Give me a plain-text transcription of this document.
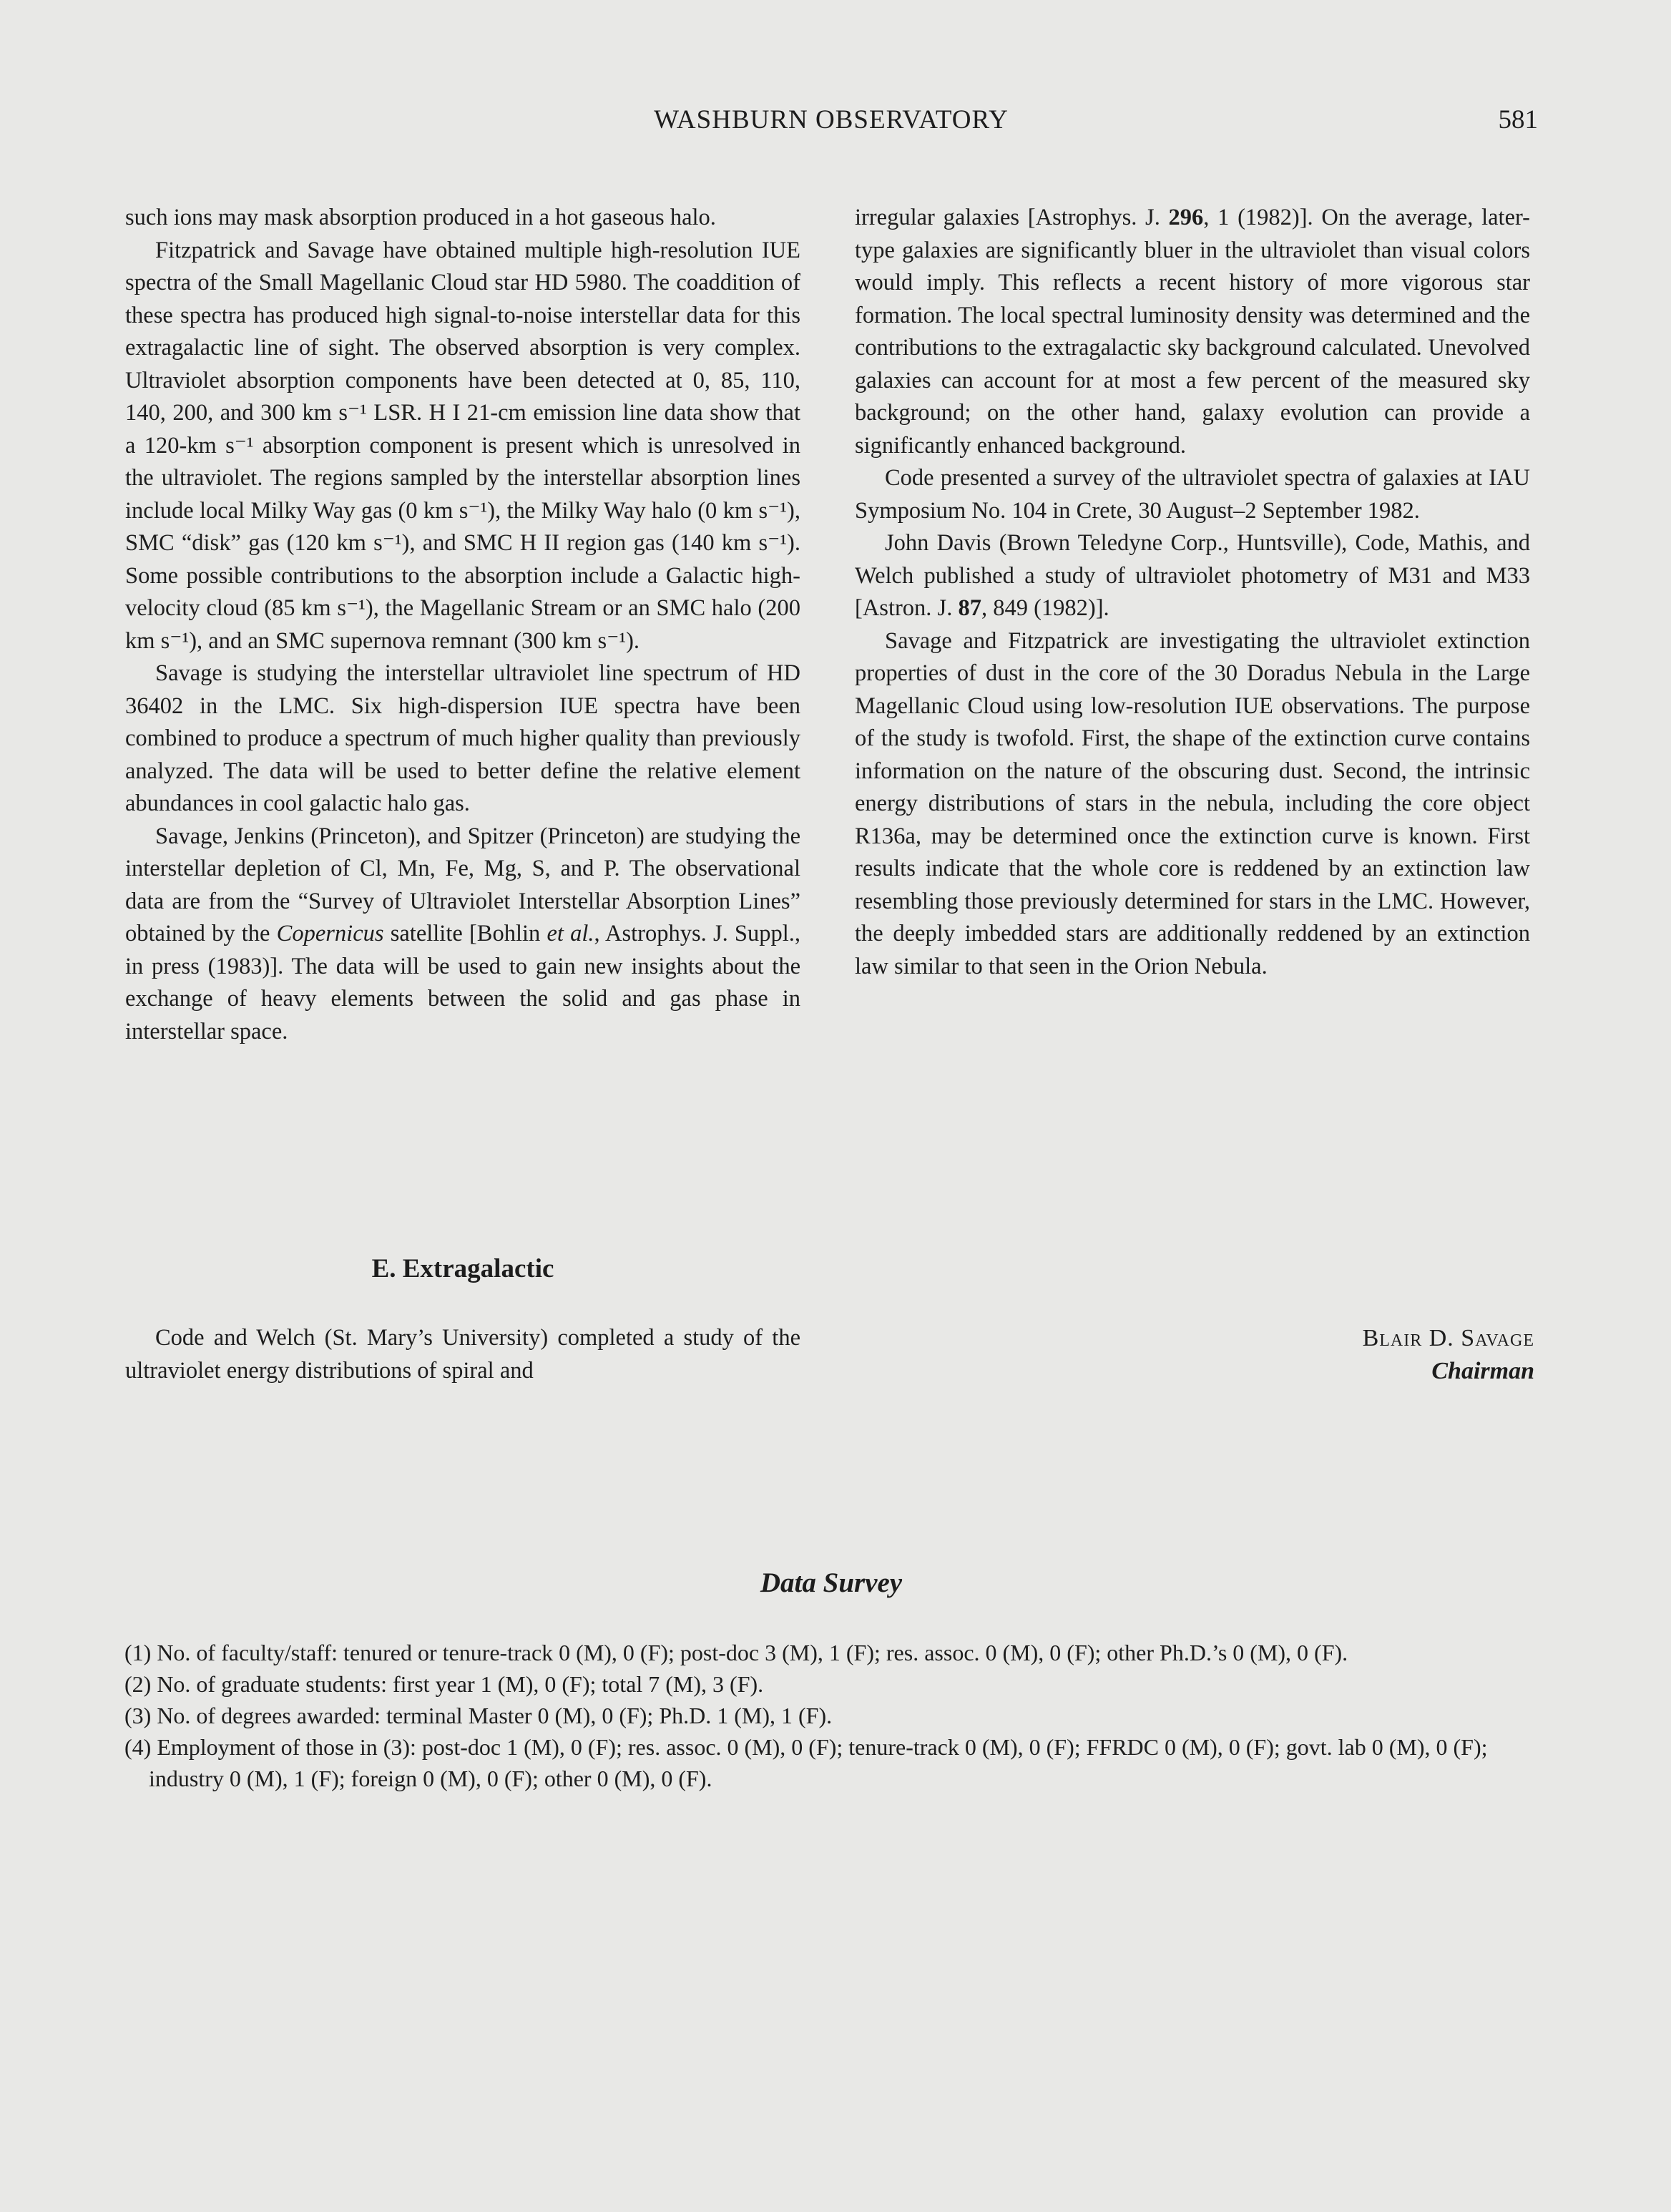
WASHBURN OBSERVATORY	581

such ions may mask absorption produced in a hot gaseous halo.

Fitzpatrick and Savage have obtained multiple high-resolution IUE spectra of the Small Magellanic Cloud star HD 5980. The coaddition of these spectra has produced high signal-to-noise interstellar data for this extragalactic line of sight. The observed absorption is very complex. Ultraviolet absorption components have been detected at 0, 85, 110, 140, 200, and 300 km s⁻¹ LSR. H I 21-cm emission line data show that a 120-km s⁻¹ absorption component is present which is unresolved in the ultraviolet. The regions sampled by the interstellar absorption lines include local Milky Way gas (0 km s⁻¹), the Milky Way halo (0 km s⁻¹), SMC “disk” gas (120 km s⁻¹), and SMC H II region gas (140 km s⁻¹). Some possible contributions to the absorption include a Galactic high-velocity cloud (85 km s⁻¹), the Magellanic Stream or an SMC halo (200 km s⁻¹), and an SMC supernova remnant (300 km s⁻¹).

Savage is studying the interstellar ultraviolet line spectrum of HD 36402 in the LMC. Six high-dispersion IUE spectra have been combined to produce a spectrum of much higher quality than previously analyzed. The data will be used to better define the relative element abundances in cool galactic halo gas.

Savage, Jenkins (Princeton), and Spitzer (Princeton) are studying the interstellar depletion of Cl, Mn, Fe, Mg, S, and P. The observational data are from the “Survey of Ultraviolet Interstellar Absorption Lines” obtained by the Copernicus satellite [Bohlin et al., Astrophys. J. Suppl., in press (1983)]. The data will be used to gain new insights about the exchange of heavy elements between the solid and gas phase in interstellar space.

E. Extragalactic

Code and Welch (St. Mary’s University) completed a study of the ultraviolet energy distributions of spiral and

irregular galaxies [Astrophys. J. 296, 1 (1982)]. On the average, later-type galaxies are significantly bluer in the ultraviolet than visual colors would imply. This reflects a recent history of more vigorous star formation. The local spectral luminosity density was determined and the contributions to the extragalactic sky background calculated. Unevolved galaxies can account for at most a few percent of the measured sky background; on the other hand, galaxy evolution can provide a significantly enhanced background.

Code presented a survey of the ultraviolet spectra of galaxies at IAU Symposium No. 104 in Crete, 30 August–2 September 1982.

John Davis (Brown Teledyne Corp., Huntsville), Code, Mathis, and Welch published a study of ultraviolet photometry of M31 and M33 [Astron. J. 87, 849 (1982)].

Savage and Fitzpatrick are investigating the ultraviolet extinction properties of dust in the core of the 30 Doradus Nebula in the Large Magellanic Cloud using low-resolution IUE observations. The purpose of the study is twofold. First, the shape of the extinction curve contains information on the nature of the obscuring dust. Second, the intrinsic energy distributions of stars in the nebula, including the core object R136a, may be determined once the extinction curve is known. First results indicate that the whole core is reddened by an extinction law resembling those previously determined for stars in the LMC. However, the deeply imbedded stars are additionally reddened by an extinction law similar to that seen in the Orion Nebula.

Blair D. Savage
Chairman
Data Survey
(1) No. of faculty/staff: tenured or tenure-track 0 (M), 0 (F); post-doc 3 (M), 1 (F); res. assoc. 0 (M), 0 (F); other Ph.D.’s 0 (M), 0 (F).
(2) No. of graduate students: first year 1 (M), 0 (F); total 7 (M), 3 (F).
(3) No. of degrees awarded: terminal Master 0 (M), 0 (F); Ph.D. 1 (M), 1 (F).
(4) Employment of those in (3): post-doc 1 (M), 0 (F); res. assoc. 0 (M), 0 (F); tenure-track 0 (M), 0 (F); FFRDC 0 (M), 0 (F); govt. lab 0 (M), 0 (F); industry 0 (M), 1 (F); foreign 0 (M), 0 (F); other 0 (M), 0 (F).
